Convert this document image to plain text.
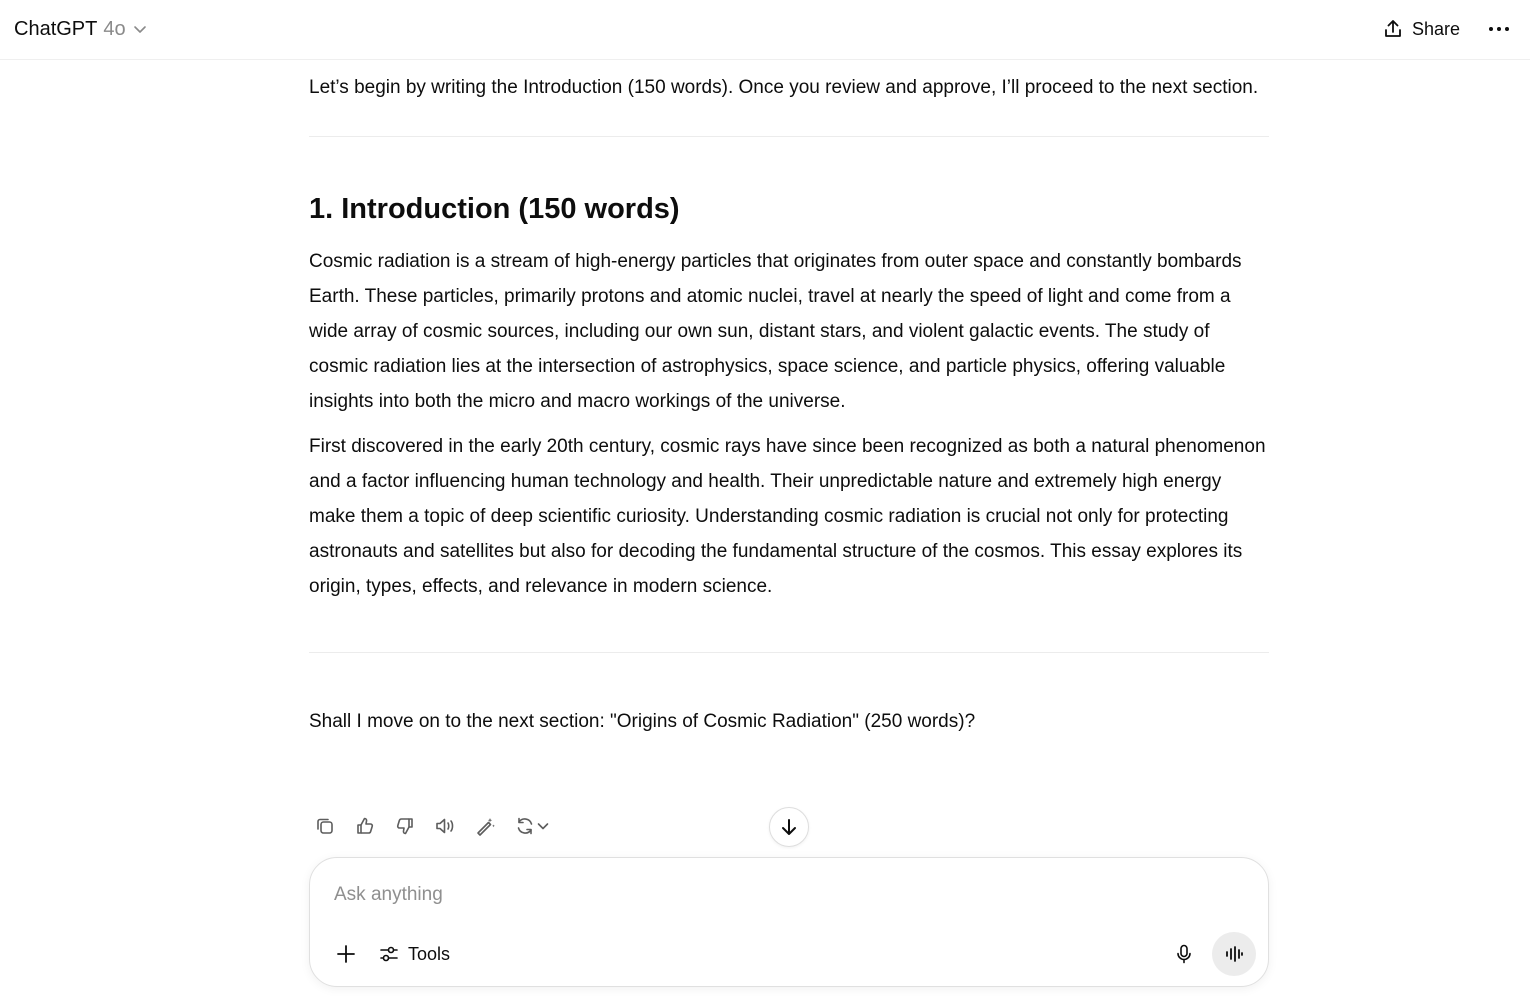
ChatGPT 4o	Share

Let’s begin by writing the Introduction (150 words). Once you review and approve, I’ll proceed to the next section.

1. Introduction (150 words)

Cosmic radiation is a stream of high-energy particles that originates from outer space and constantly bombards Earth. These particles, primarily protons and atomic nuclei, travel at nearly the speed of light and come from a wide array of cosmic sources, including our own sun, distant stars, and violent galactic events. The study of cosmic radiation lies at the intersection of astrophysics, space science, and particle physics, offering valuable insights into both the micro and macro workings of the universe.

First discovered in the early 20th century, cosmic rays have since been recognized as both a natural phenomenon and a factor influencing human technology and health. Their unpredictable nature and extremely high energy make them a topic of deep scientific curiosity. Understanding cosmic radiation is crucial not only for protecting astronauts and satellites but also for decoding the fundamental structure of the cosmos. This essay explores its origin, types, effects, and relevance in modern science.

Shall I move on to the next section: "Origins of Cosmic Radiation" (250 words)?

Ask anything
Tools
